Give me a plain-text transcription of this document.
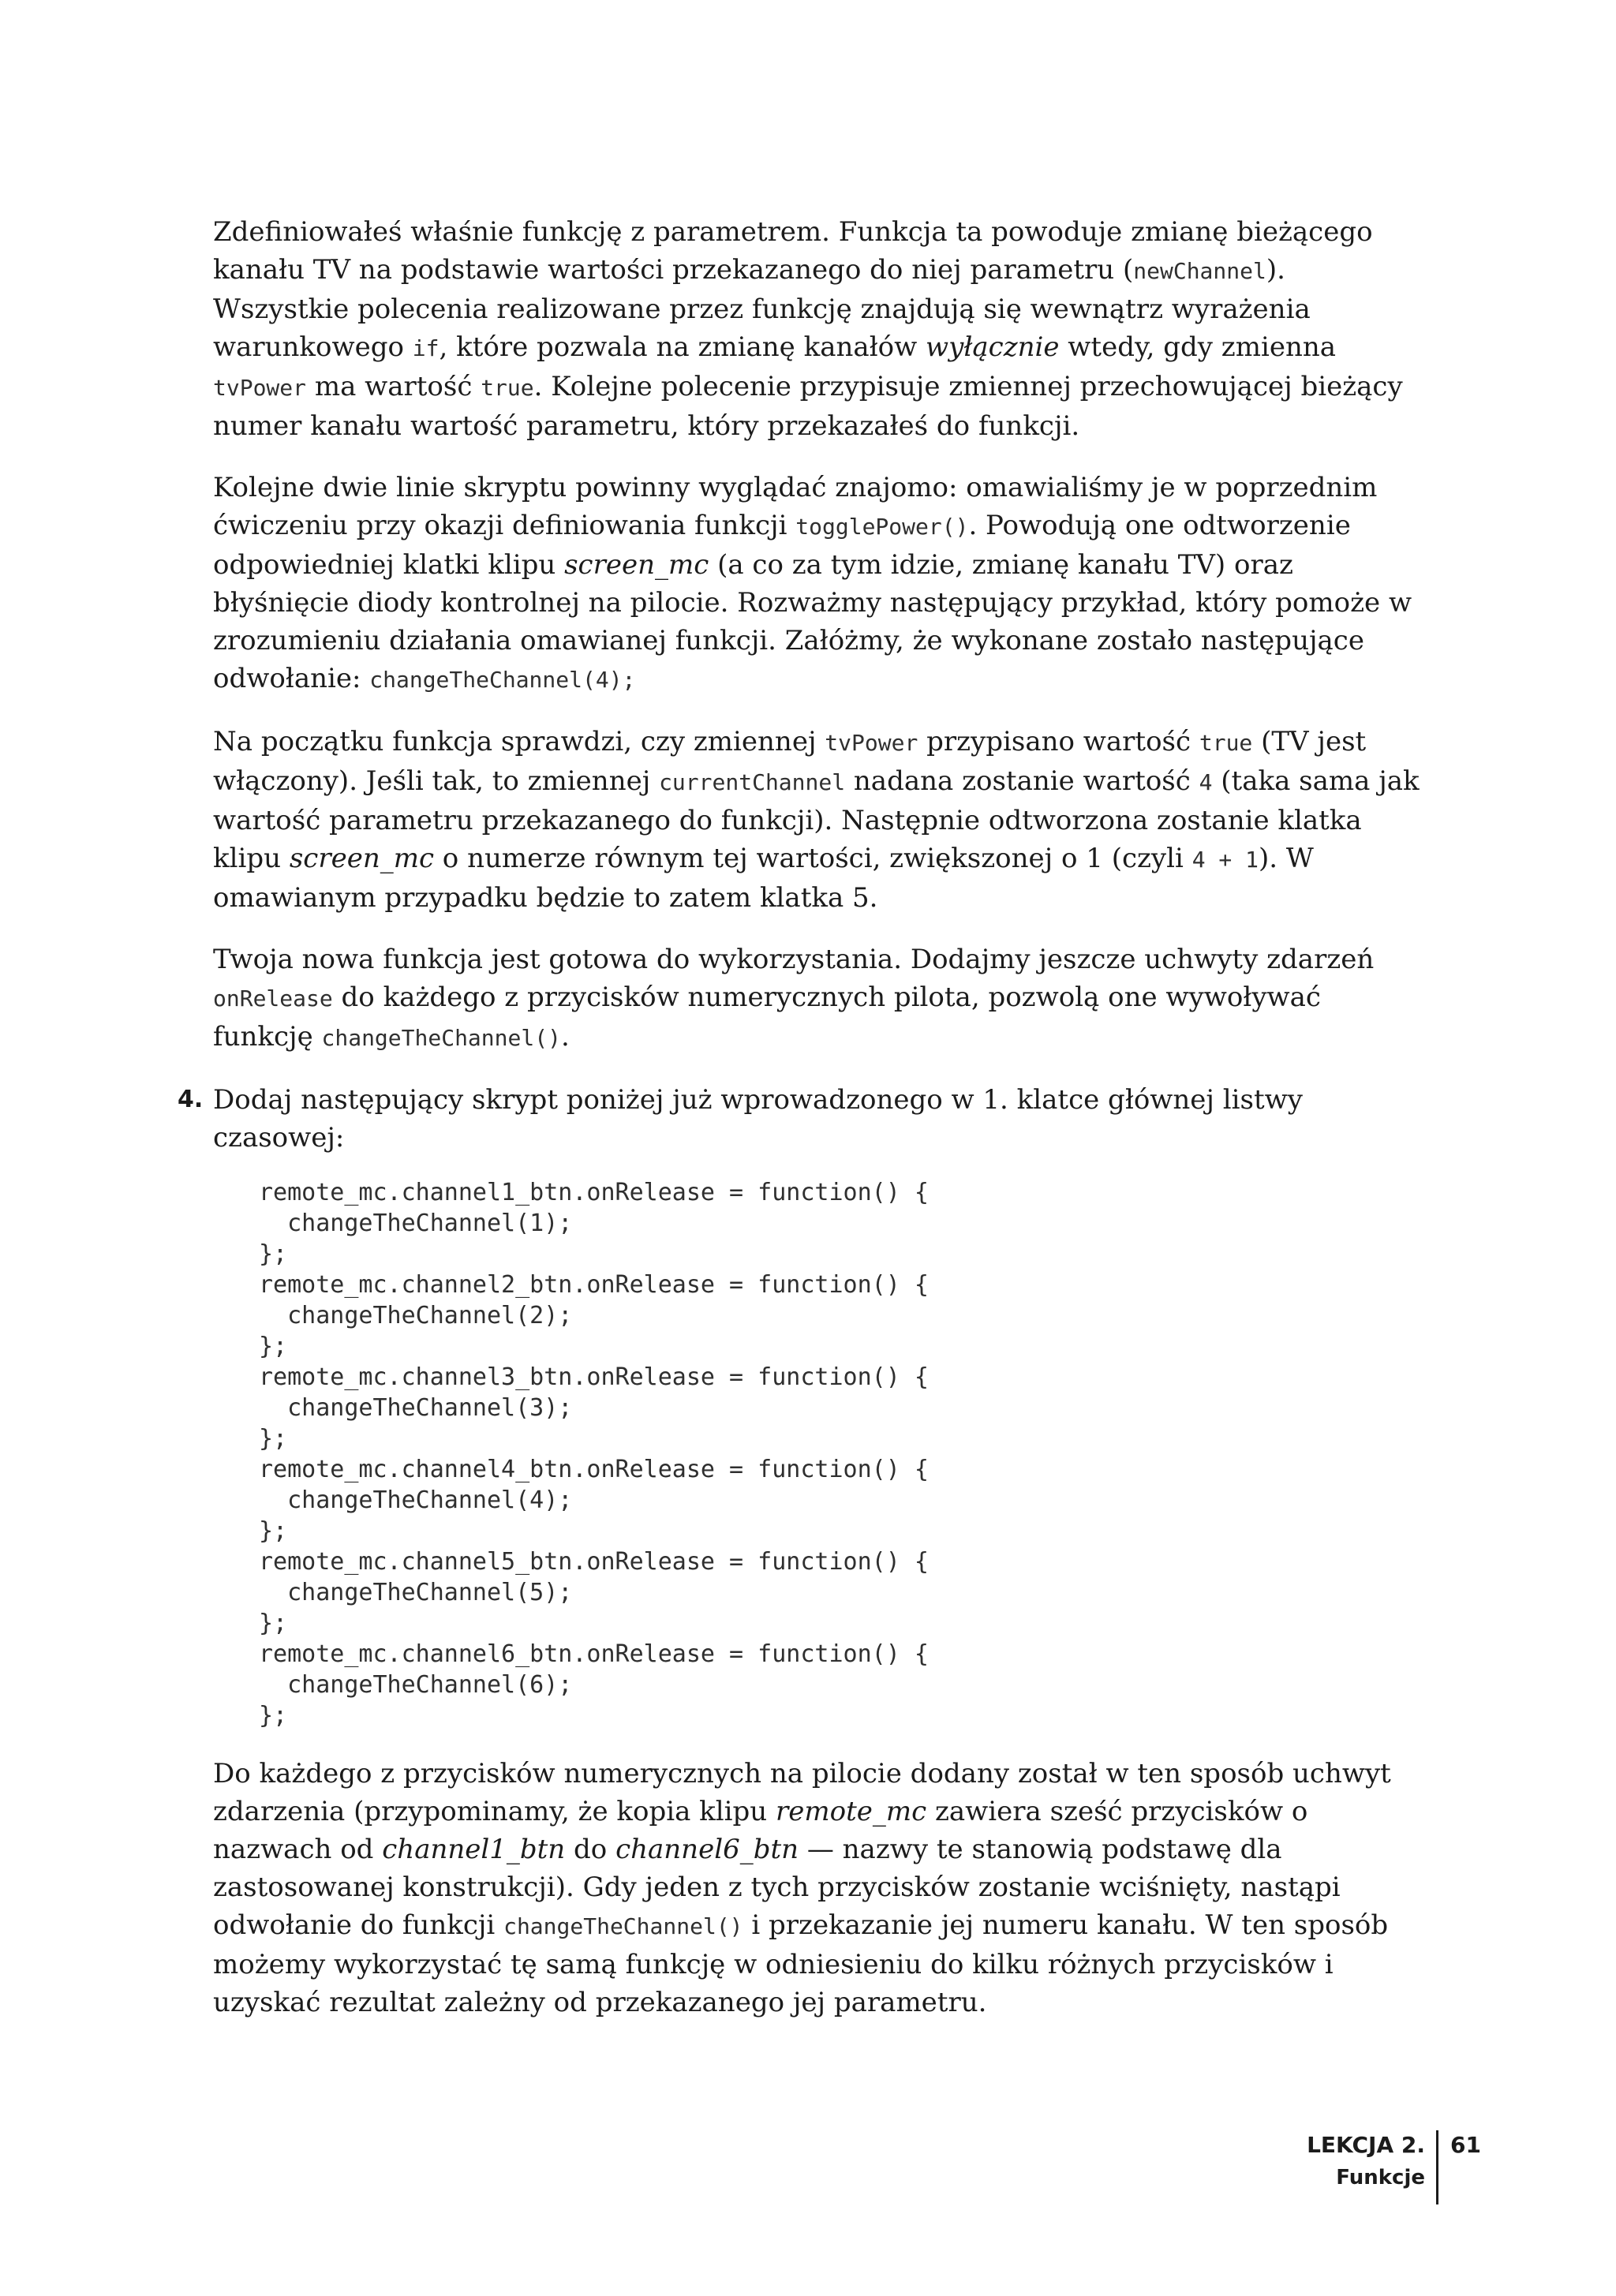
Zdefiniowałeś właśnie funkcję z parametrem. Funkcja ta powoduje zmianę bieżącego kanału TV na podstawie wartości przekazanego do niej parametru (newChannel). Wszystkie polecenia realizowane przez funkcję znajdują się wewnątrz wyrażenia warunkowego if, które pozwala na zmianę kanałów wyłącznie wtedy, gdy zmienna tvPower ma wartość true. Kolejne polecenie przypisuje zmiennej przechowującej bieżący numer kanału wartość parametru, który przekazałeś do funkcji.

Kolejne dwie linie skryptu powinny wyglądać znajomo: omawialiśmy je w poprzednim ćwiczeniu przy okazji definiowania funkcji togglePower(). Powodują one odtworzenie odpowiedniej klatki klipu screen_mc (a co za tym idzie, zmianę kanału TV) oraz błyśnięcie diody kontrolnej na pilocie. Rozważmy następujący przykład, który pomoże w zrozumieniu działania omawianej funkcji. Załóżmy, że wykonane zostało następujące odwołanie: changeTheChannel(4);

Na początku funkcja sprawdzi, czy zmiennej tvPower przypisano wartość true (TV jest włączony). Jeśli tak, to zmiennej currentChannel nadana zostanie wartość 4 (taka sama jak wartość parametru przekazanego do funkcji). Następnie odtworzona zostanie klatka klipu screen_mc o numerze równym tej wartości, zwiększonej o 1 (czyli 4 + 1). W omawianym przypadku będzie to zatem klatka 5.

Twoja nowa funkcja jest gotowa do wykorzystania. Dodajmy jeszcze uchwyty zdarzeń onRelease do każdego z przycisków numerycznych pilota, pozwolą one wywoływać funkcję changeTheChannel().

4. Dodaj następujący skrypt poniżej już wprowadzonego w 1. klatce głównej listwy czasowej:
remote_mc.channel1_btn.onRelease = function() {
changeTheChannel(1);
};
remote_mc.channel2_btn.onRelease = function() {
changeTheChannel(2);
};
remote_mc.channel3_btn.onRelease = function() {
changeTheChannel(3);
};
remote_mc.channel4_btn.onRelease = function() {
changeTheChannel(4);
};
remote_mc.channel5_btn.onRelease = function() {
changeTheChannel(5);
};
remote_mc.channel6_btn.onRelease = function() {
changeTheChannel(6);
};

Do każdego z przycisków numerycznych na pilocie dodany został w ten sposób uchwyt zdarzenia (przypominamy, że kopia klipu remote_mc zawiera sześć przycisków o nazwach od channel1_btn do channel6_btn — nazwy te stanowią podstawę dla zastosowanej konstrukcji). Gdy jeden z tych przycisków zostanie wciśnięty, nastąpi odwołanie do funkcji changeTheChannel() i przekazanie jej numeru kanału. W ten sposób możemy wykorzystać tę samą funkcję w odniesieniu do kilku różnych przycisków i uzyskać rezultat zależny od przekazanego jej parametru.

LEKCJA 2.
Funkcje
61
